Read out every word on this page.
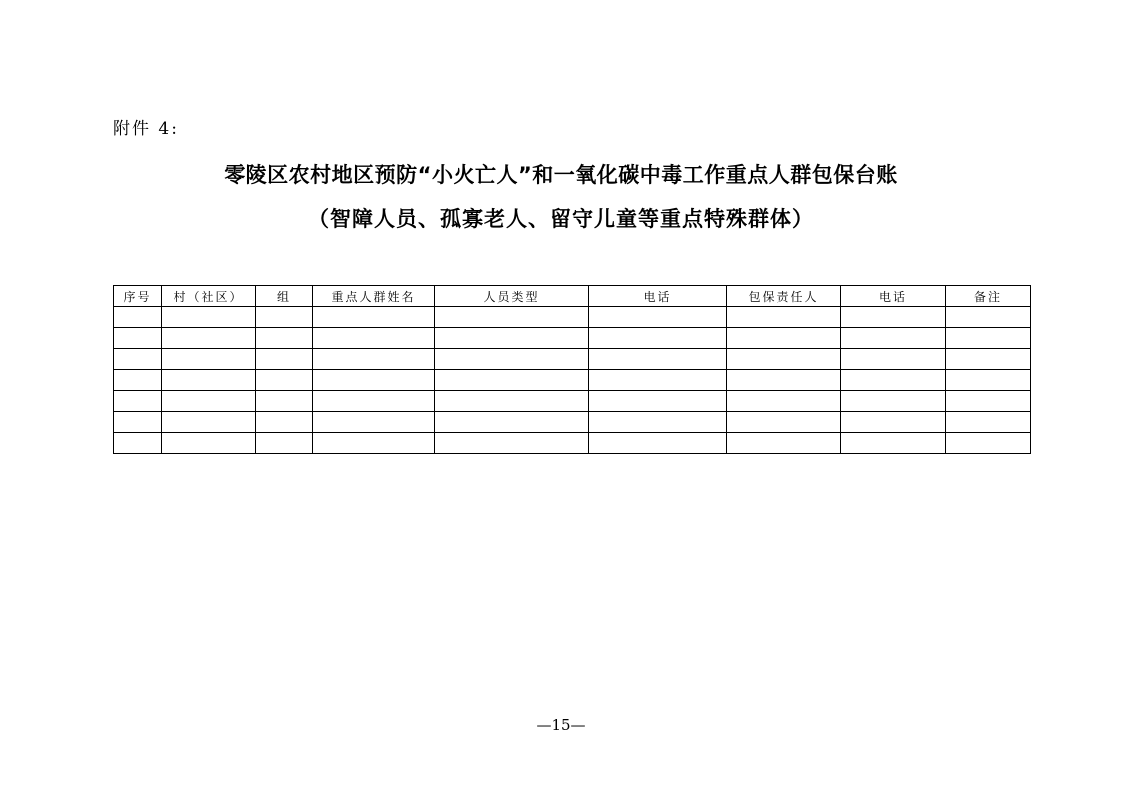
附件 4:
零陵区农村地区预防“小火亡人”和一氧化碳中毒工作重点人群包保台账
（智障人员、孤寡老人、留守儿童等重点特殊群体）
序号	村（社区）	组	重点人群姓名	人员类型	电话	包保责任人	电话	备注

—15—
